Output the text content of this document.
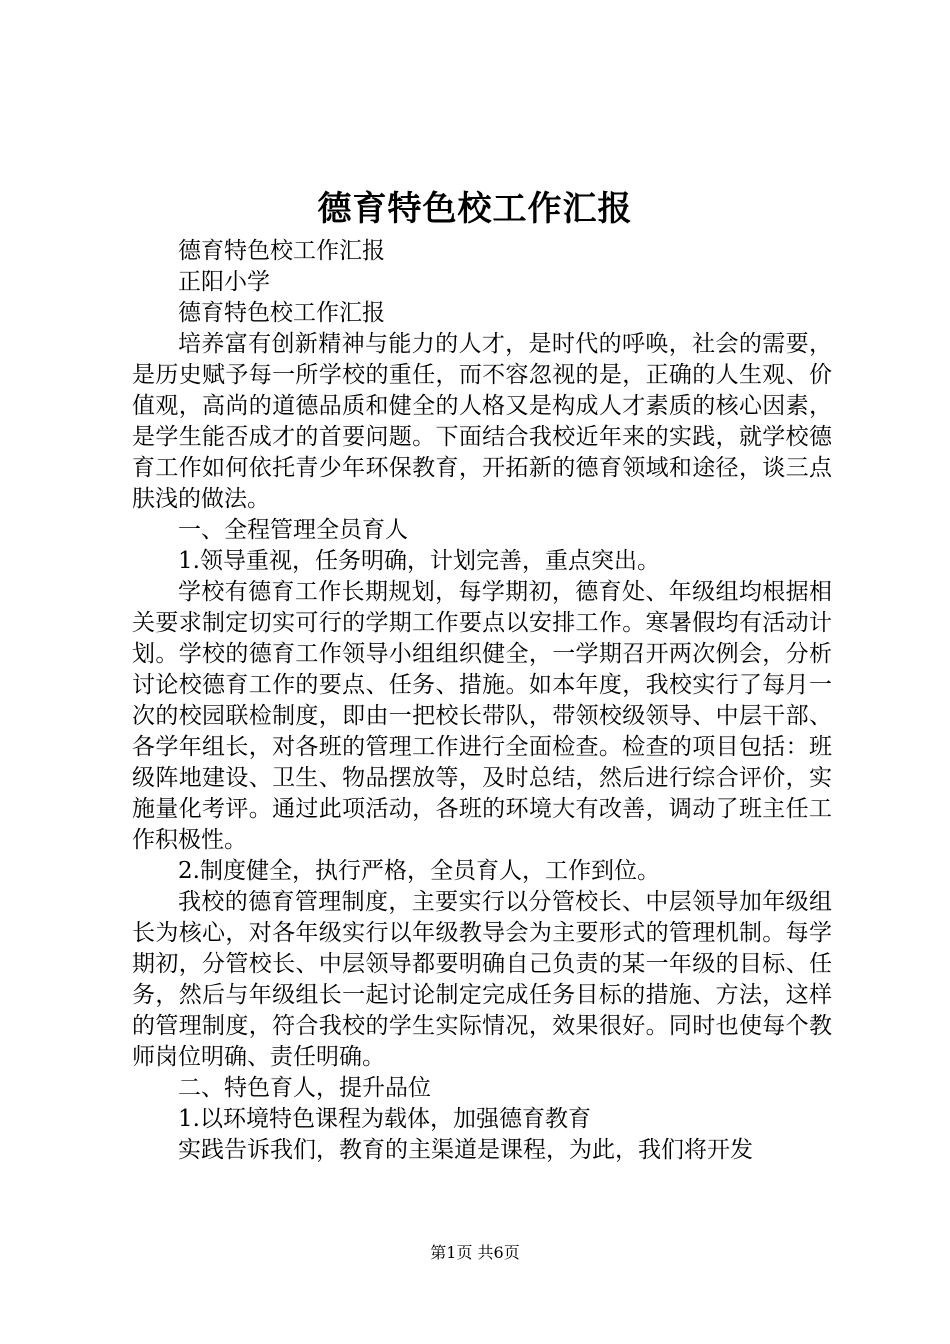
德育特色校工作汇报

德育特色校工作汇报

正阳小学

德育特色校工作汇报

培养富有创新精神与能力的人才，是时代的呼唤，社会的需要，是历史赋予每一所学校的重任，而不容忽视的是，正确的人生观、价值观，高尚的道德品质和健全的人格又是构成人才素质的核心因素，是学生能否成才的首要问题。下面结合我校近年来的实践，就学校德育工作如何依托青少年环保教育，开拓新的德育领域和途径，谈三点肤浅的做法。

一、全程管理全员育人

1.领导重视，任务明确，计划完善，重点突出。

学校有德育工作长期规划，每学期初，德育处、年级组均根据相关要求制定切实可行的学期工作要点以安排工作。寒暑假均有活动计划。学校的德育工作领导小组组织健全，一学期召开两次例会，分析讨论校德育工作的要点、任务、措施。如本年度，我校实行了每月一次的校园联检制度，即由一把校长带队，带领校级领导、中层干部、各学年组长，对各班的管理工作进行全面检查。检查的项目包括：班级阵地建设、卫生、物品摆放等，及时总结，然后进行综合评价，实施量化考评。通过此项活动，各班的环境大有改善，调动了班主任工作积极性。

2.制度健全，执行严格，全员育人，工作到位。

我校的德育管理制度，主要实行以分管校长、中层领导加年级组长为核心，对各年级实行以年级教导会为主要形式的管理机制。每学期初，分管校长、中层领导都要明确自己负责的某一年级的目标、任务，然后与年级组长一起讨论制定完成任务目标的措施、方法，这样的管理制度，符合我校的学生实际情况，效果很好。同时也使每个教师岗位明确、责任明确。

二、特色育人，提升品位

1.以环境特色课程为载体，加强德育教育

实践告诉我们，教育的主渠道是课程，为此，我们将开发

第1页 共6页
